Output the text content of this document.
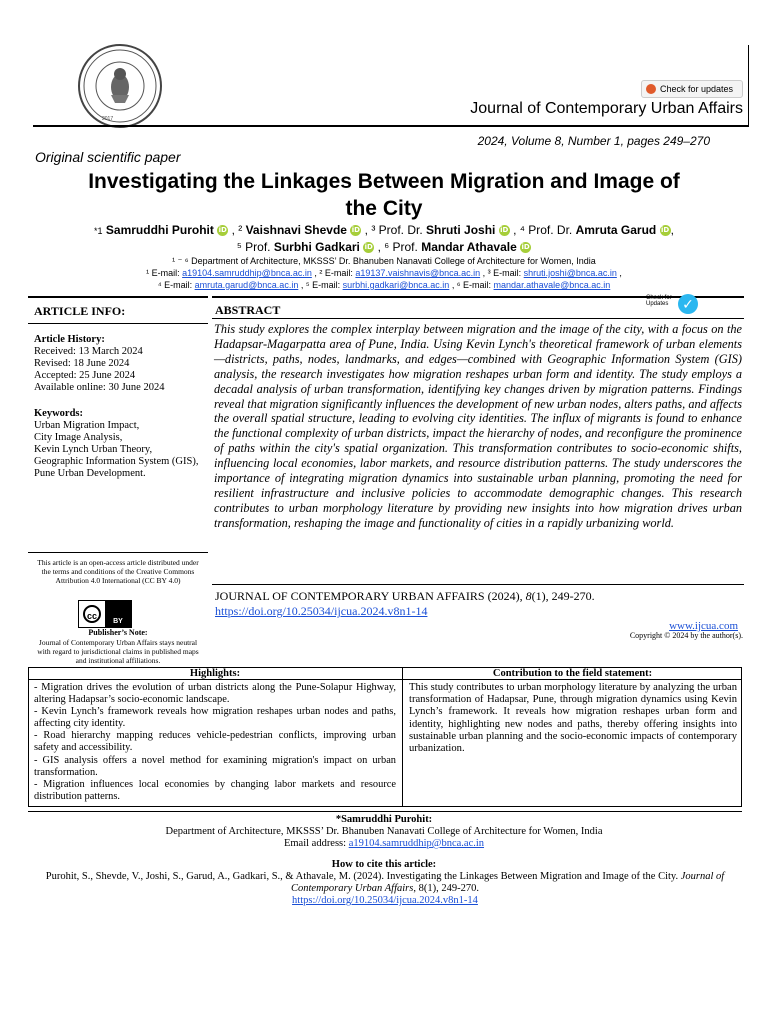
2017
Check for updates
Journal of Contemporary Urban Affairs
2024, Volume 8, Number 1, pages 249–270
Original scientific paper
Investigating the Linkages Between Migration and Image of
the City
*1 Samruddhi Purohit iD , ² Vaishnavi Shevde iD , ³ Prof. Dr. Shruti Joshi iD , ⁴ Prof. Dr. Amruta Garud iD,
⁵ Prof. Surbhi Gadkari iD , ⁶ Prof. Mandar Athavale iD
¹ ⁻ ⁶ Department of Architecture, MKSSS’ Dr. Bhanuben Nanavati College of Architecture for Women, India
¹ E-mail: a19104.samruddhip@bnca.ac.in , ² E-mail: a19137.vaishnavis@bnca.ac.in , ³ E-mail: shruti.joshi@bnca.ac.in ,
⁴ E-mail: amruta.garud@bnca.ac.in , ⁵ E-mail: surbhi.gadkari@bnca.ac.in , ⁶ E-mail: mandar.athavale@bnca.ac.in
ARTICLE INFO:
Article History:
Received: 13 March 2024
Revised: 18 June 2024
Accepted: 25 June 2024
Available online: 30 June 2024
Keywords:
Urban Migration Impact,
City Image Analysis,
Kevin Lynch Urban Theory,
Geographic Information System (GIS),
Pune Urban Development.
This article is an open-access article distributed under the terms and conditions of the Creative Commons Attribution 4.0 International (CC BY 4.0)
cc
BY
Publisher’s Note:
Journal of Contemporary Urban Affairs stays neutral with regard to jurisdictional claims in published maps and institutional affiliations.
ABSTRACT
Check for Updates ✓
This study explores the complex interplay between migration and the image of the city, with a focus on the Hadapsar-Magarpatta area of Pune, India. Using Kevin Lynch's theoretical framework of urban elements—districts, paths, nodes, landmarks, and edges—combined with Geographic Information System (GIS) analysis, the research investigates how migration reshapes urban form and identity. The study employs a decadal analysis of urban transformation, identifying key changes driven by migration patterns. Findings reveal that migration significantly influences the development of new urban nodes, alters paths, and affects the overall spatial structure, leading to evolving city identities. The influx of migrants is found to enhance the functional complexity of urban districts, impact the hierarchy of nodes, and reconfigure the prominence of paths within the city's spatial organization. This transformation contributes to socio-economic shifts, influencing local economies, labor markets, and resource distribution patterns. The study underscores the importance of integrating migration dynamics into sustainable urban planning, promoting the need for resilient infrastructure and inclusive policies to accommodate demographic changes. This research contributes to urban morphology literature by providing new insights into how migration drives urban transformation, reshaping the image and functionality of cities in a rapidly urbanizing world.
JOURNAL OF CONTEMPORARY URBAN AFFAIRS (2024), 8(1), 249-270.
https://doi.org/10.25034/ijcua.2024.v8n1-14
www.ijcua.com
Copyright © 2024 by the author(s).
Highlights:	Contribution to the field statement:
- Migration drives the evolution of urban districts along the Pune-Solapur Highway, altering Hadapsar’s socio-economic landscape.
- Kevin Lynch’s framework reveals how migration reshapes urban nodes and paths, affecting city identity.
- Road hierarchy mapping reduces vehicle-pedestrian conflicts, improving urban safety and accessibility.
- GIS analysis offers a novel method for examining migration's impact on urban transformation.
- Migration influences local economies by changing labor markets and resource distribution patterns.
This study contributes to urban morphology literature by analyzing the urban transformation of Hadapsar, Pune, through migration dynamics using Kevin Lynch’s framework. It reveals how migration reshapes urban form and identity, highlighting new nodes and paths, thereby offering insights into sustainable urban planning and the socio-economic impacts of contemporary urbanization.
*Samruddhi Purohit:
Department of Architecture, MKSSS’ Dr. Bhanuben Nanavati College of Architecture for Women, India
Email address: a19104.samruddhip@bnca.ac.in
How to cite this article:
Purohit, S., Shevde, V., Joshi, S., Garud, A., Gadkari, S., & Athavale, M. (2024). Investigating the Linkages Between Migration and Image of the City. Journal of Contemporary Urban Affairs, 8(1), 249-270.
https://doi.org/10.25034/ijcua.2024.v8n1-14
